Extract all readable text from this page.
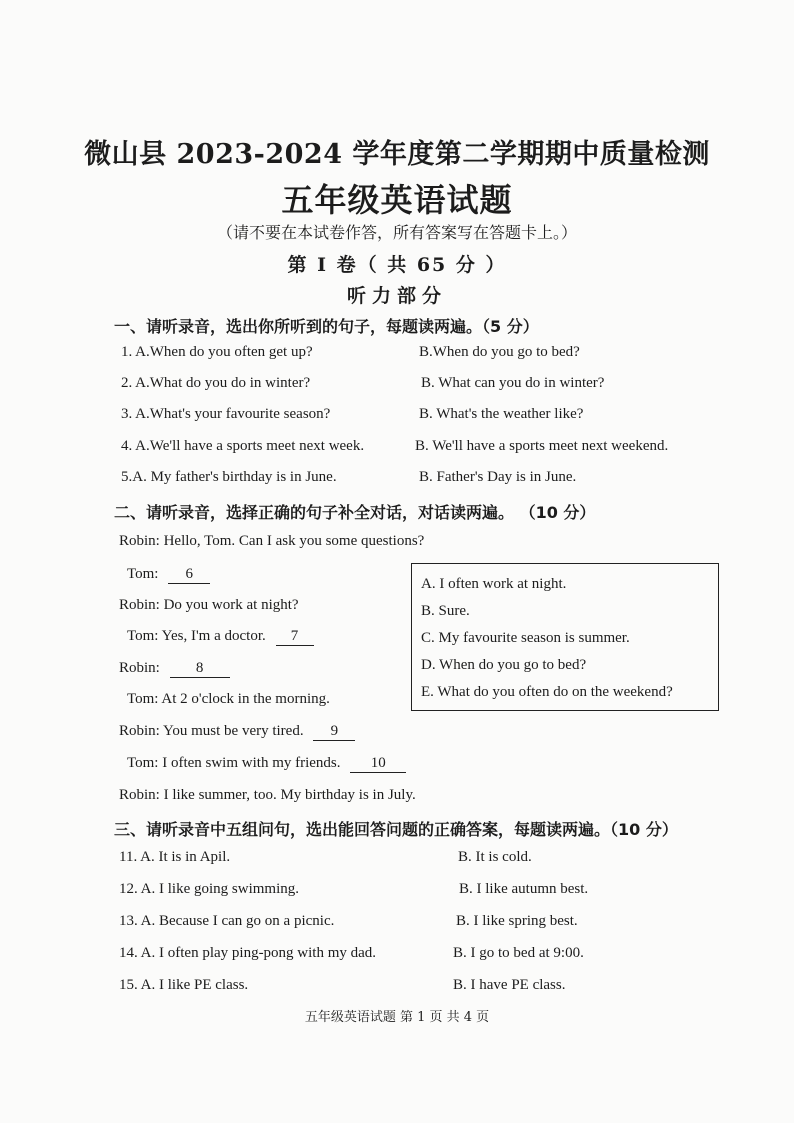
微山县 2023-2024 学年度第二学期期中质量检测
五年级英语试题
（请不要在本试卷作答，所有答案写在答题卡上。）
第 Ⅰ 卷（ 共 65 分 ）
听力部分
一、请听录音，选出你所听到的句子，每题读两遍。（5 分）
1. A.When do you often get up?	B.When do you go to bed?
2. A.What do you do in winter?	B. What can you do in winter?
3. A.What's your favourite season?	B. What's the weather like?
4. A.We'll have a sports meet next week.	B. We'll have a sports meet next weekend.
5.A. My father's birthday is in June.	B. Father's Day is in June.
二、请听录音，选择正确的句子补全对话，对话读两遍。 （10 分）
Robin: Hello, Tom. Can I ask you some questions?
Tom: 6
Robin: Do you work at night?
Tom: Yes, I'm a doctor. 7
Robin: 8
Tom: At 2 o'clock in the morning.
Robin: You must be very tired. 9
Tom: I often swim with my friends. 10
Robin: I like summer, too. My birthday is in July.
A. I often work at night.
B. Sure.
C. My favourite season is summer.
D. When do you go to bed?
E. What do you often do on the weekend?
三、请听录音中五组问句，选出能回答问题的正确答案，每题读两遍。（10 分）
11. A. It is in Apil.	B. It is cold.
12. A. I like going swimming.	B. I like autumn best.
13. A. Because I can go on a picnic.	B. I like spring best.
14. A. I often play ping-pong with my dad.	B. I go to bed at 9:00.
15. A. I like PE class.	B. I have PE class.
五年级英语试题 第 1 页 共 4 页
